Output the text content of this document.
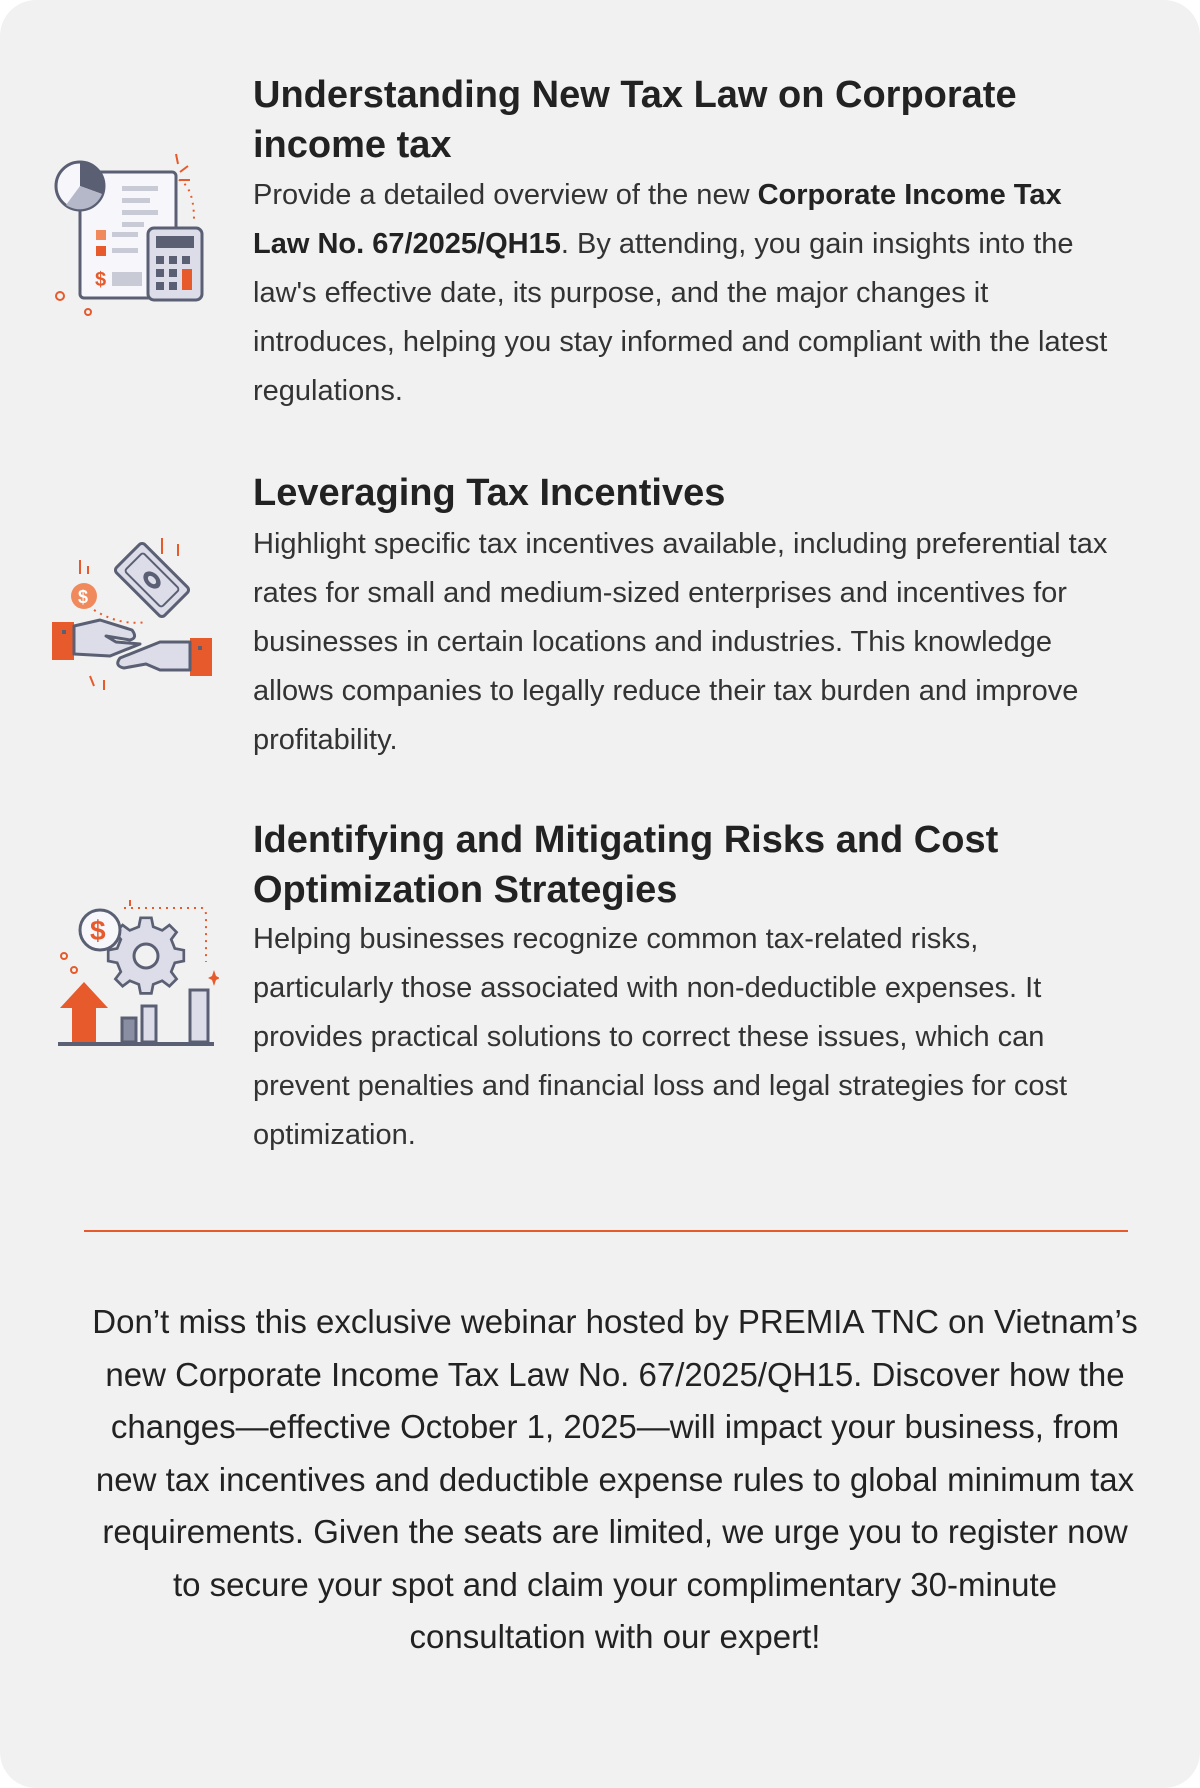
$
Understanding New Tax Law on Corporate income tax

Provide a detailed overview of the new Corporate Income Tax Law No. 67/2025/QH15. By attending, you gain insights into the law's effective date, its purpose, and the major changes it introduces, helping you stay informed and compliant with the latest regulations.

$
Leveraging Tax Incentives

Highlight specific tax incentives available, including preferential tax rates for small and medium-sized enterprises and incentives for businesses in certain locations and industries. This knowledge allows companies to legally reduce their tax burden and improve profitability.

$
Identifying and Mitigating Risks and Cost Optimization Strategies

Helping businesses recognize common tax-related risks, particularly those associated with non-deductible expenses. It provides practical solutions to correct these issues, which can prevent penalties and financial loss and legal strategies for cost optimization.

Don’t miss this exclusive webinar hosted by PREMIA TNC on Vietnam’s new Corporate Income Tax Law No. 67/2025/QH15. Discover how the changes—effective October 1, 2025—will impact your business, from new tax incentives and deductible expense rules to global minimum tax requirements. Given the seats are limited, we urge you to register now to secure your spot and claim your complimentary 30-minute consultation with our expert!
